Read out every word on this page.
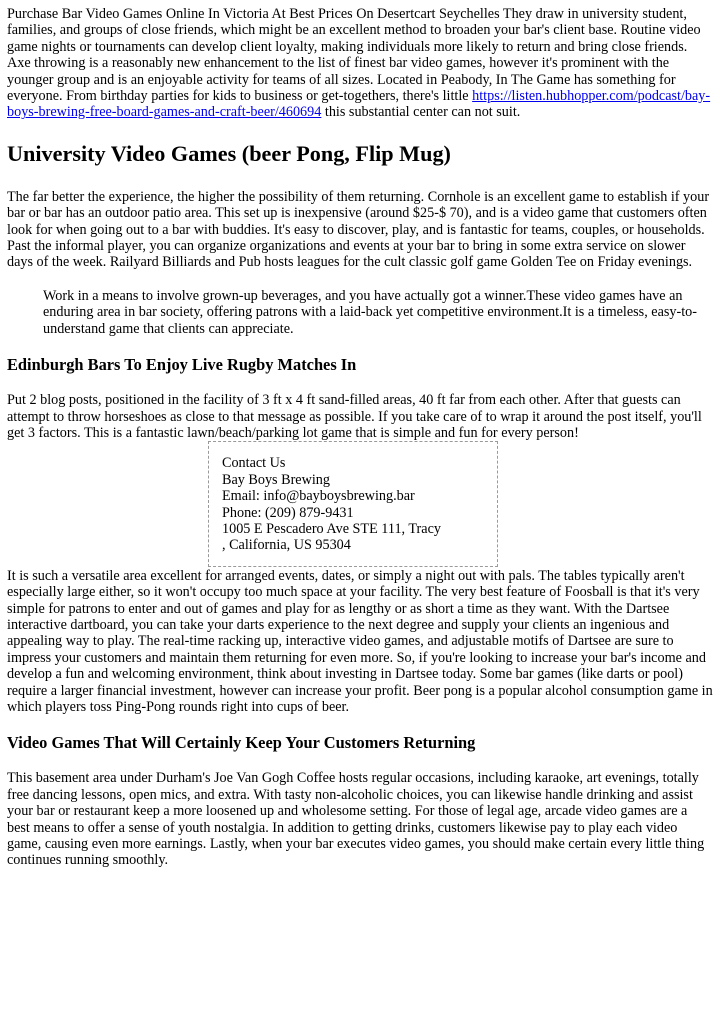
Purchase Bar Video Games Online In Victoria At Best Prices On Desertcart Seychelles They draw in university student, families, and groups of close friends, which might be an excellent method to broaden your bar's client base. Routine video game nights or tournaments can develop client loyalty, making individuals more likely to return and bring close friends. Axe throwing is a reasonably new enhancement to the list of finest bar video games, however it's prominent with the younger group and is an enjoyable activity for teams of all sizes. Located in Peabody, In The Game has something for everyone. From birthday parties for kids to business or get-togethers, there's little https://listen.hubhopper.com/podcast/bay-boys-brewing-free-board-games-and-craft-beer/460694 this substantial center can not suit.

University Video Games (beer Pong, Flip Mug)

The far better the experience, the higher the possibility of them returning. Cornhole is an excellent game to establish if your bar or bar has an outdoor patio area. This set up is inexpensive (around $25-$ 70), and is a video game that customers often look for when going out to a bar with buddies. It's easy to discover, play, and is fantastic for teams, couples, or households. Past the informal player, you can organize organizations and events at your bar to bring in some extra service on slower days of the week. Railyard Billiards and Pub hosts leagues for the cult classic golf game Golden Tee on Friday evenings.

Work in a means to involve grown-up beverages, and you have actually got a winner.These video games have an enduring area in bar society, offering patrons with a laid-back yet competitive environment.It is a timeless, easy-to-understand game that clients can appreciate.
Edinburgh Bars To Enjoy Live Rugby Matches In

Put 2 blog posts, positioned in the facility of 3 ft x 4 ft sand-filled areas, 40 ft far from each other. After that guests can attempt to throw horseshoes as close to that message as possible. If you take care of to wrap it around the post itself, you'll get 3 factors. This is a fantastic lawn/beach/parking lot game that is simple and fun for every person!

Contact Us
Bay Boys Brewing
Email: info@bayboysbrewing.bar
Phone: (209) 879-9431
1005 E Pescadero Ave STE 111, Tracy
, California, US 95304

It is such a versatile area excellent for arranged events, dates, or simply a night out with pals. The tables typically aren't especially large either, so it won't occupy too much space at your facility. The very best feature of Foosball is that it's very simple for patrons to enter and out of games and play for as lengthy or as short a time as they want. With the Dartsee interactive dartboard, you can take your darts experience to the next degree and supply your clients an ingenious and appealing way to play. The real-time racking up, interactive video games, and adjustable motifs of Dartsee are sure to impress your customers and maintain them returning for even more. So, if you're looking to increase your bar's income and develop a fun and welcoming environment, think about investing in Dartsee today. Some bar games (like darts or pool) require a larger financial investment, however can increase your profit. Beer pong is a popular alcohol consumption game in which players toss Ping-Pong rounds right into cups of beer.

Video Games That Will Certainly Keep Your Customers Returning

This basement area under Durham's Joe Van Gogh Coffee hosts regular occasions, including karaoke, art evenings, totally free dancing lessons, open mics, and extra. With tasty non-alcoholic choices, you can likewise handle drinking and assist your bar or restaurant keep a more loosened up and wholesome setting. For those of legal age, arcade video games are a best means to offer a sense of youth nostalgia. In addition to getting drinks, customers likewise pay to play each video game, causing even more earnings. Lastly, when your bar executes video games, you should make certain every little thing continues running smoothly.
